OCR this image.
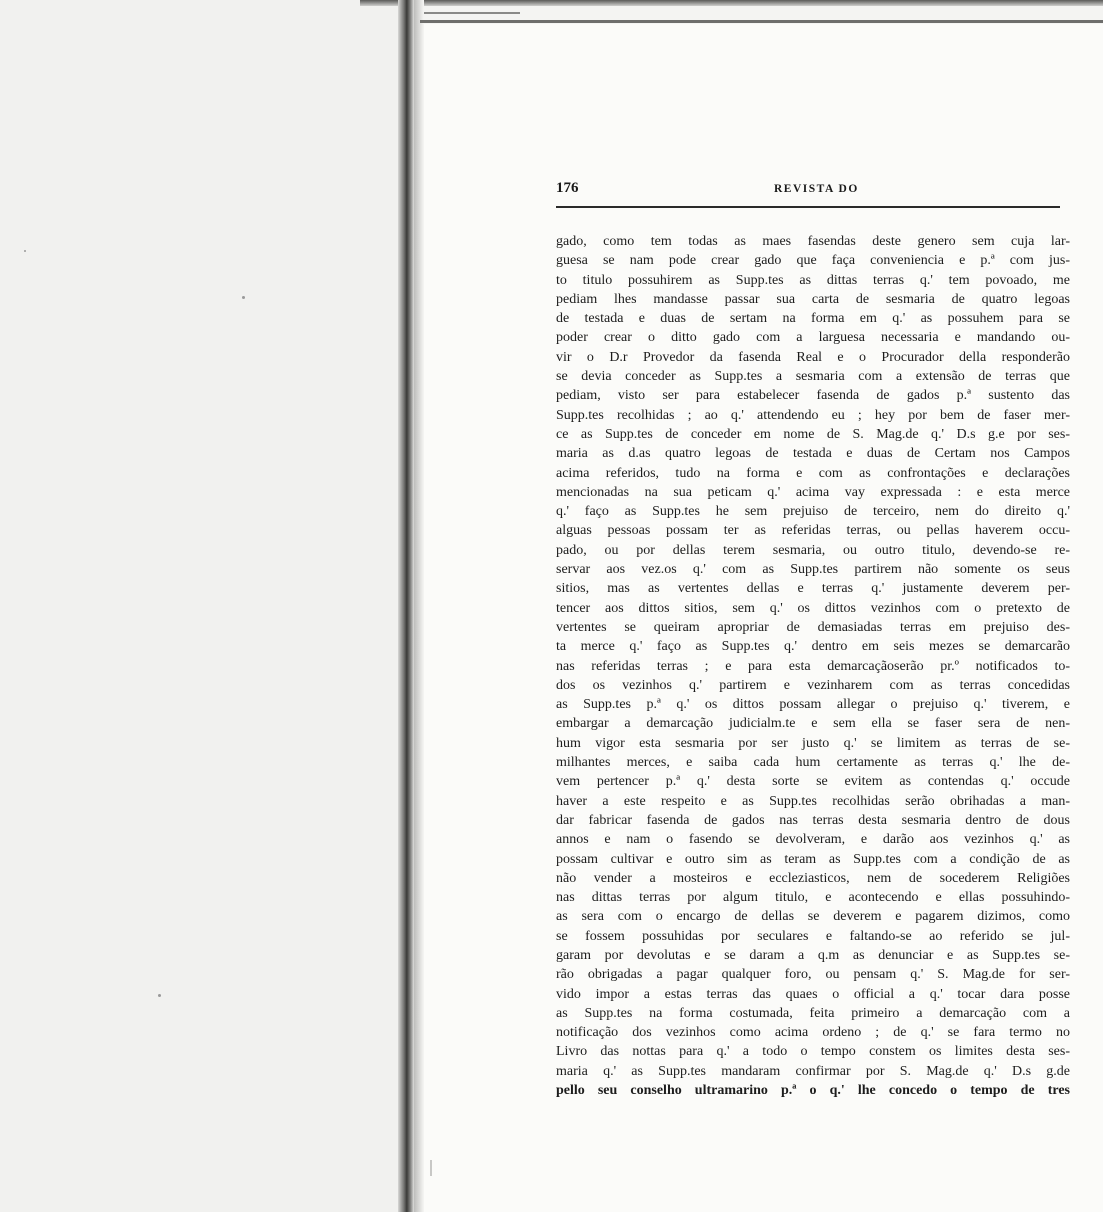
176	REVISTA DO
gado, como tem todas as maes fasendas deste genero sem cuja lar-
guesa se nam pode crear gado que faça conveniencia e p.ª com jus-
to titulo possuhirem as Supp.tes as dittas terras q.' tem povoado, me
pediam lhes mandasse passar sua carta de sesmaria de quatro legoas
de testada e duas de sertam na forma em q.' as possuhem para se
poder crear o ditto gado com a larguesa necessaria e mandando ou-
vir o D.r Provedor da fasenda Real e o Procurador della responderão
se devia conceder as Supp.tes a sesmaria com a extensão de terras que
pediam, visto ser para estabelecer fasenda de gados p.ª sustento das
Supp.tes recolhidas ; ao q.' attendendo eu ; hey por bem de faser mer-
ce as Supp.tes de conceder em nome de S. Mag.de q.' D.s g.e por ses-
maria as d.as quatro legoas de testada e duas de Certam nos Campos
acima referidos, tudo na forma e com as confrontações e declarações
mencionadas na sua peticam q.' acima vay expressada : e esta merce
q.' faço as Supp.tes he sem prejuiso de terceiro, nem do direito q.'
alguas pessoas possam ter as referidas terras, ou pellas haverem occu-
pado, ou por dellas terem sesmaria, ou outro titulo, devendo-se re-
servar aos vez.os q.' com as Supp.tes partirem não somente os seus
sitios, mas as vertentes dellas e terras q.' justamente deverem per-
tencer aos dittos sitios, sem q.' os dittos vezinhos com o pretexto de
vertentes se queiram apropriar de demasiadas terras em prejuiso des-
ta merce q.' faço as Supp.tes q.' dentro em seis mezes se demarcarão
nas referidas terras ; e para esta demarcaçãoserão pr.º notificados to-
dos os vezinhos q.' partirem e vezinharem com as terras concedidas
as Supp.tes p.ª q.' os dittos possam allegar o prejuiso q.' tiverem, e
embargar a demarcação judicialm.te e sem ella se faser sera de nen-
hum vigor esta sesmaria por ser justo q.' se limitem as terras de se-
milhantes merces, e saiba cada hum certamente as terras q.' lhe de-
vem pertencer p.ª q.' desta sorte se evitem as contendas q.' occude
haver a este respeito e as Supp.tes recolhidas serão obrihadas a man-
dar fabricar fasenda de gados nas terras desta sesmaria dentro de dous
annos e nam o fasendo se devolveram, e darão aos vezinhos q.' as
possam cultivar e outro sim as teram as Supp.tes com a condição de as
não vender a mosteiros e eccleziasticos, nem de socederem Religiões
nas dittas terras por algum titulo, e acontecendo e ellas possuhindo-
as sera com o encargo de dellas se deverem e pagarem dizimos, como
se fossem possuhidas por seculares e faltando-se ao referido se jul-
garam por devolutas e se daram a q.m as denunciar e as Supp.tes se-
rão obrigadas a pagar qualquer foro, ou pensam q.' S. Mag.de for ser-
vido impor a estas terras das quaes o official a q.' tocar dara posse
as Supp.tes na forma costumada, feita primeiro a demarcação com a
notificação dos vezinhos como acima ordeno ; de q.' se fara termo no
Livro das nottas para q.' a todo o tempo constem os limites desta ses-
maria q.' as Supp.tes mandaram confirmar por S. Mag.de q.' D.s g.de
pello seu conselho ultramarino p.ª o q.' lhe concedo o tempo de tres
